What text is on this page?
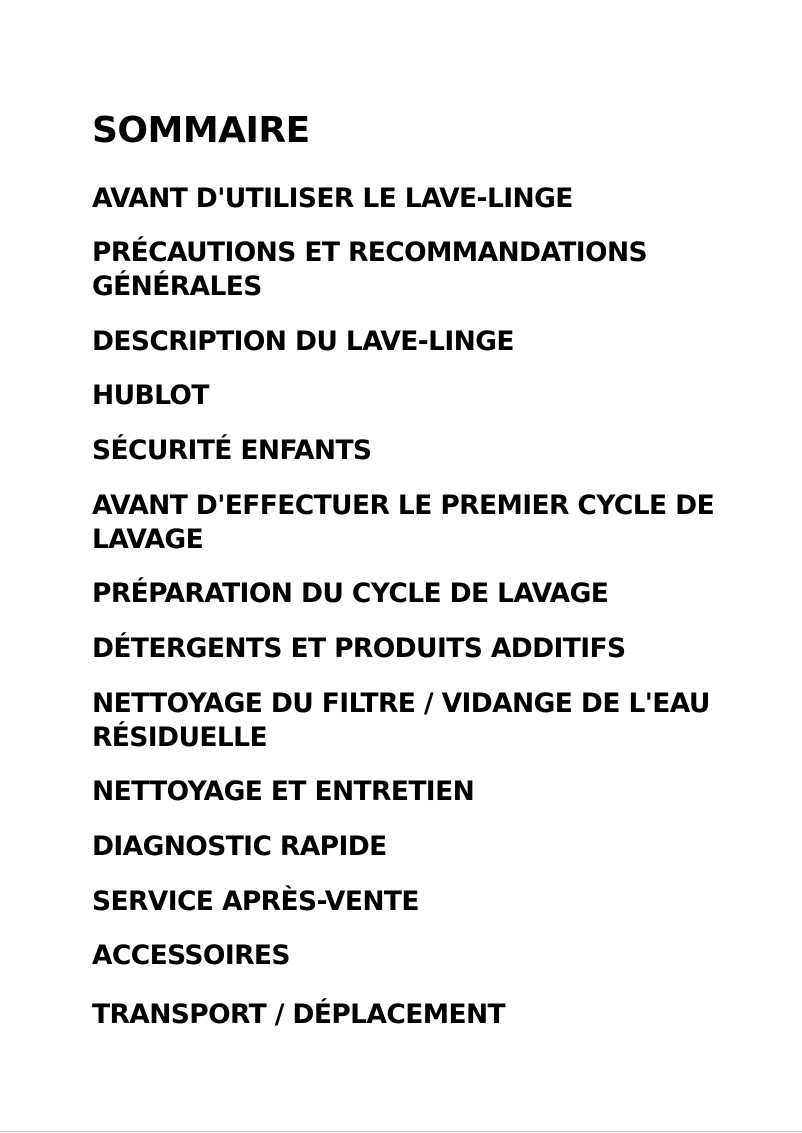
SOMMAIRE
AVANT D'UTILISER LE LAVE-LINGE
PRÉCAUTIONS ET RECOMMANDATIONS
GÉNÉRALES
DESCRIPTION DU LAVE-LINGE
HUBLOT
SÉCURITÉ ENFANTS
AVANT D'EFFECTUER LE PREMIER CYCLE DE
LAVAGE
PRÉPARATION DU CYCLE DE LAVAGE
DÉTERGENTS ET PRODUITS ADDITIFS
NETTOYAGE DU FILTRE / VIDANGE DE L'EAU
RÉSIDUELLE
NETTOYAGE ET ENTRETIEN
DIAGNOSTIC RAPIDE
SERVICE APRÈS-VENTE
ACCESSOIRES
TRANSPORT / DÉPLACEMENT
